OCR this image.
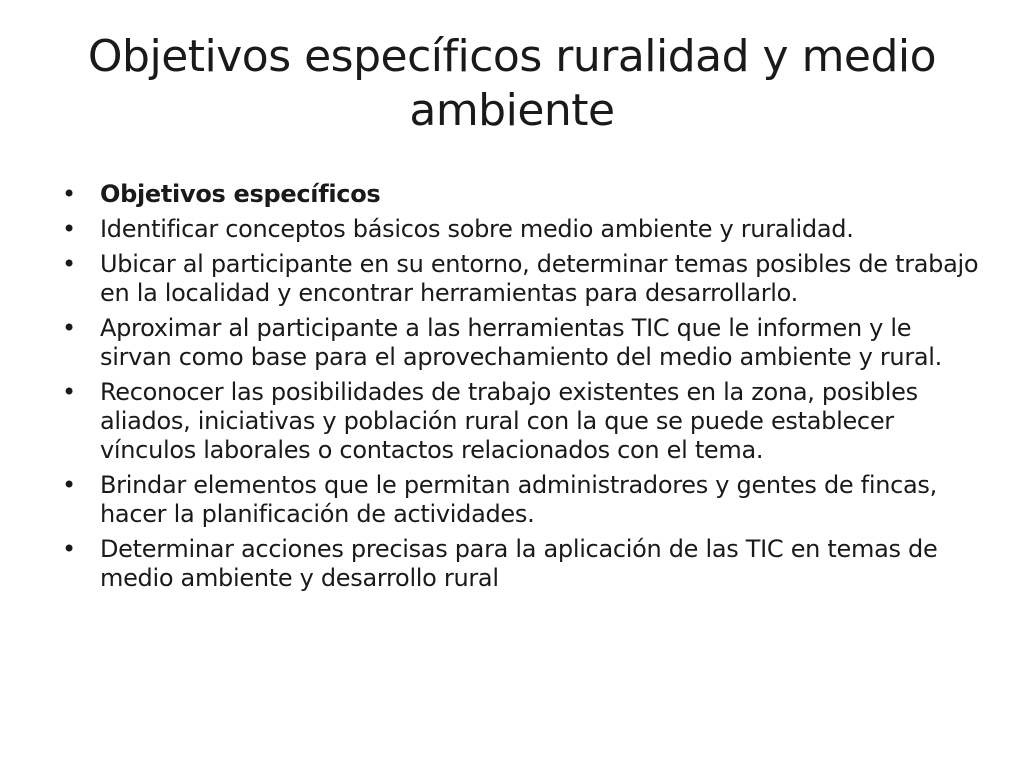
Objetivos específicos ruralidad y medio ambiente
• Objetivos específicos
• Identificar conceptos básicos sobre medio ambiente y ruralidad.
• Ubicar al participante en su entorno, determinar temas posibles de trabajo en la localidad y encontrar herramientas para desarrollarlo.
• Aproximar al participante a las herramientas TIC que le informen y le sirvan como base para el aprovechamiento del medio ambiente y rural.
• Reconocer las posibilidades de trabajo existentes en la zona, posibles aliados, iniciativas y población rural con la que se puede establecer vínculos laborales o contactos relacionados con el tema.
• Brindar elementos que le permitan administradores y gentes de fincas, hacer la planificación de actividades.
• Determinar acciones precisas para la aplicación de las TIC en temas de medio ambiente y desarrollo rural
